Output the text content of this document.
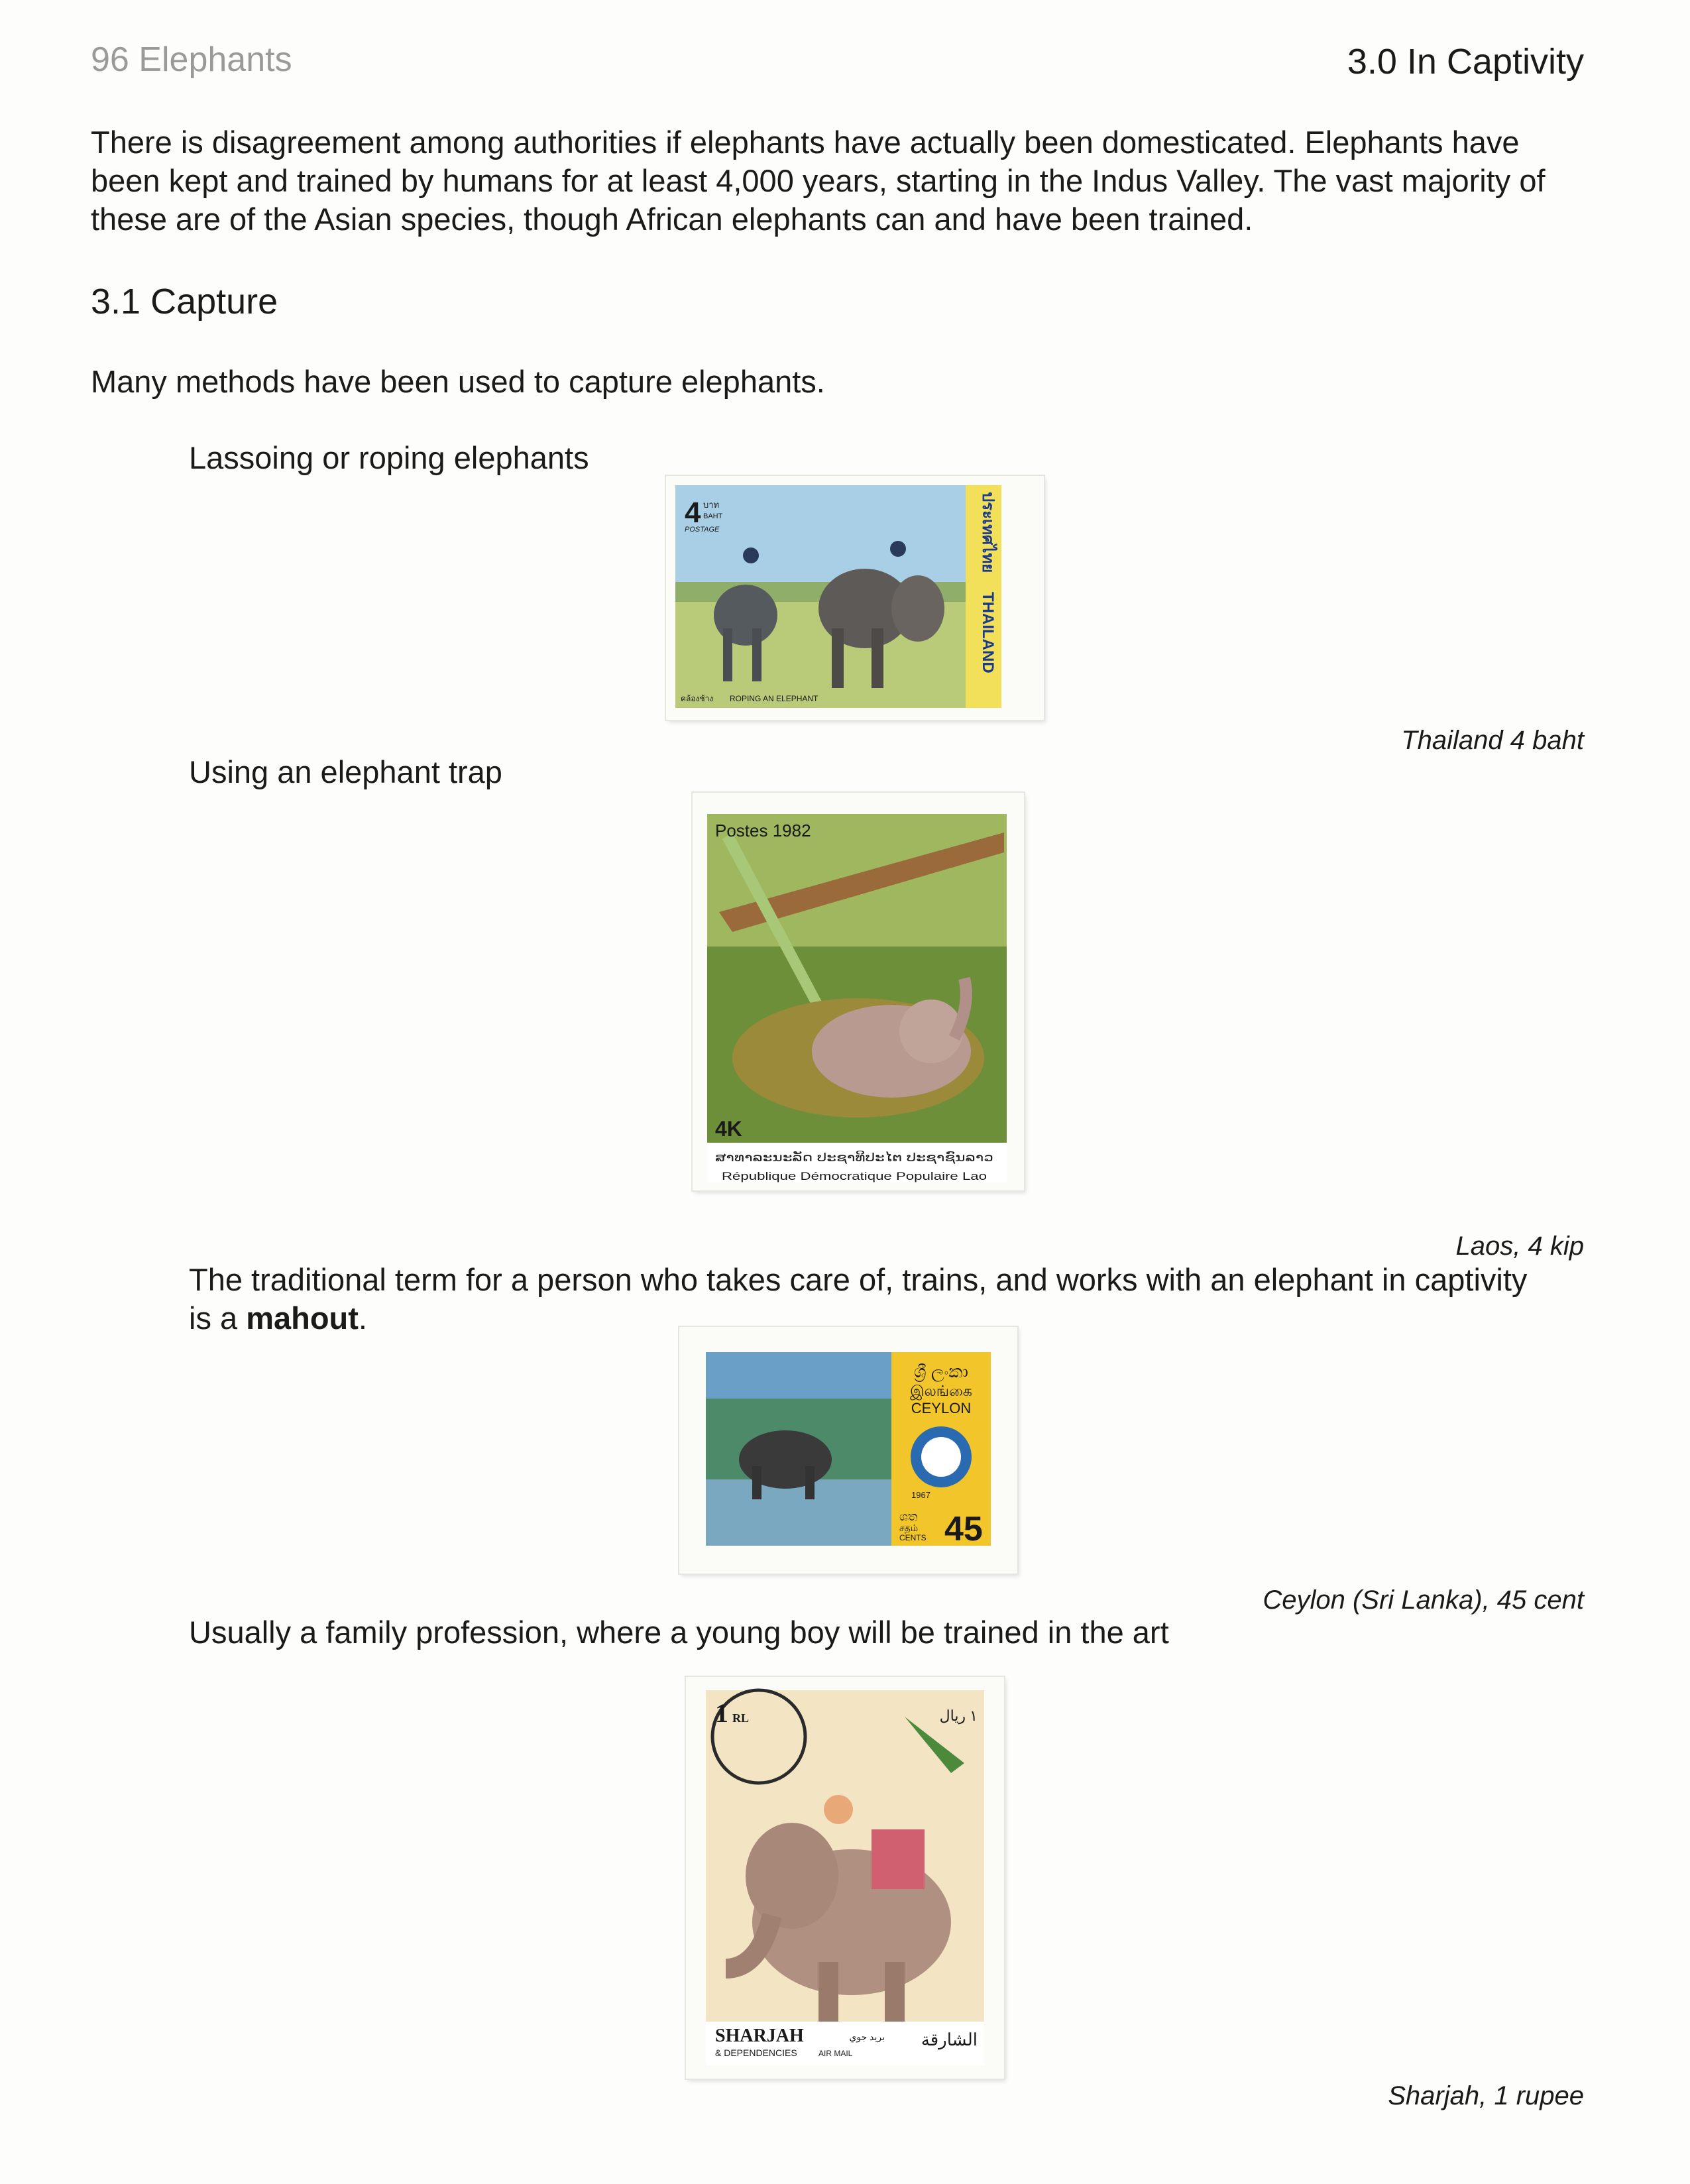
96 Elephants	3.0 In Captivity
There is disagreement among authorities if elephants have actually been domesticated. Elephants have been kept and trained by humans for at least 4,000 years, starting in the Indus Valley. The vast majority of these are of the Asian species, though African elephants can and have been trained.
3.1 Capture
Many methods have been used to capture elephants.
Lassoing or roping elephants
ประเทศไทย
THAILAND
4 บาท
BAHT
POSTAGE
คล้องช้าง ROPING AN ELEPHANT
Thailand 4 baht
Using an elephant trap
Postes 1982
4K
ສາທາລະນະລັດ ປະຊາທິປະໄຕ ປະຊາຊົນລາວ
République Démocratique Populaire Lao
Laos, 4 kip
The traditional term for a person who takes care of, trains, and works with an elephant in captivity is a mahout.
ශ්‍රී ලංකා
இலங்கை
CEYLON
1967
ශත
சதம்
CENTS 45
Ceylon (Sri Lanka), 45 cent
Usually a family profession, where a young boy will be trained in the art
1 RL	١ ريال
SHARJAH
& DEPENDENCIES	AIR MAIL
الشارقة
بريد جوي
Sharjah, 1 rupee
